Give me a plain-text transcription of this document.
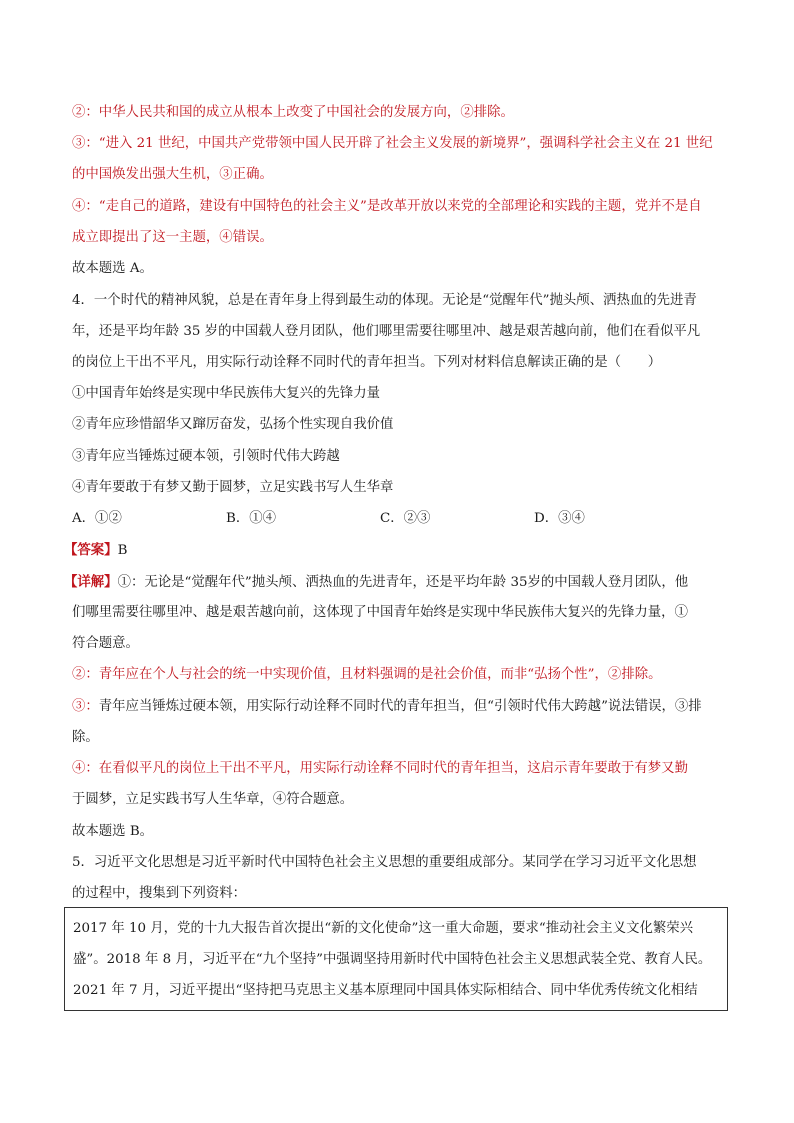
②：中华人民共和国的成立从根本上改变了中国社会的发展方向，②排除。
③：“进入 21 世纪，中国共产党带领中国人民开辟了社会主义发展的新境界”，强调科学社会主义在 21 世纪
的中国焕发出强大生机，③正确。
④：“走自己的道路，建设有中国特色的社会主义”是改革开放以来党的全部理论和实践的主题，党并不是自
成立即提出了这一主题，④错误。
故本题选 A。
4．一个时代的精神风貌，总是在青年身上得到最生动的体现。无论是“觉醒年代”抛头颅、洒热血的先进青
年，还是平均年龄 35 岁的中国载人登月团队，他们哪里需要往哪里冲、越是艰苦越向前，他们在看似平凡
的岗位上干出不平凡，用实际行动诠释不同时代的青年担当。下列对材料信息解读正确的是（　　）
①中国青年始终是实现中华民族伟大复兴的先锋力量
②青年应珍惜韶华又蹿厉奋发，弘扬个性实现自我价值
③青年应当锤炼过硬本领，引领时代伟大跨越
④青年要敢于有梦又勤于圆梦，立足实践书写人生华章
A．①②	B．①④	C．②③	D．③④
【答案】B
【详解】①：无论是“觉醒年代”抛头颅、洒热血的先进青年，还是平均年龄 35岁的中国载人登月团队，他
们哪里需要往哪里冲、越是艰苦越向前，这体现了中国青年始终是实现中华民族伟大复兴的先锋力量，①
符合题意。
②：青年应在个人与社会的统一中实现价值，且材料强调的是社会价值，而非“弘扬个性”，②排除。
③：青年应当锤炼过硬本领，用实际行动诠释不同时代的青年担当，但“引领时代伟大跨越”说法错误，③排
除。
④：在看似平凡的岗位上干出不平凡，用实际行动诠释不同时代的青年担当，这启示青年要敢于有梦又勤
于圆梦，立足实践书写人生华章，④符合题意。
故本题选 B。
5．习近平文化思想是习近平新时代中国特色社会主义思想的重要组成部分。某同学在学习习近平文化思想
的过程中，搜集到下列资料：
2017 年 10 月，党的十九大报告首次提出“新的文化使命”这一重大命题，要求“推动社会主义文化繁荣兴
盛”。2018 年 8 月，习近平在“九个坚持”中强调坚持用新时代中国特色社会主义思想武装全党、教育人民。
2021 年 7 月，习近平提出“坚持把马克思主义基本原理同中国具体实际相结合、同中华优秀传统文化相结
